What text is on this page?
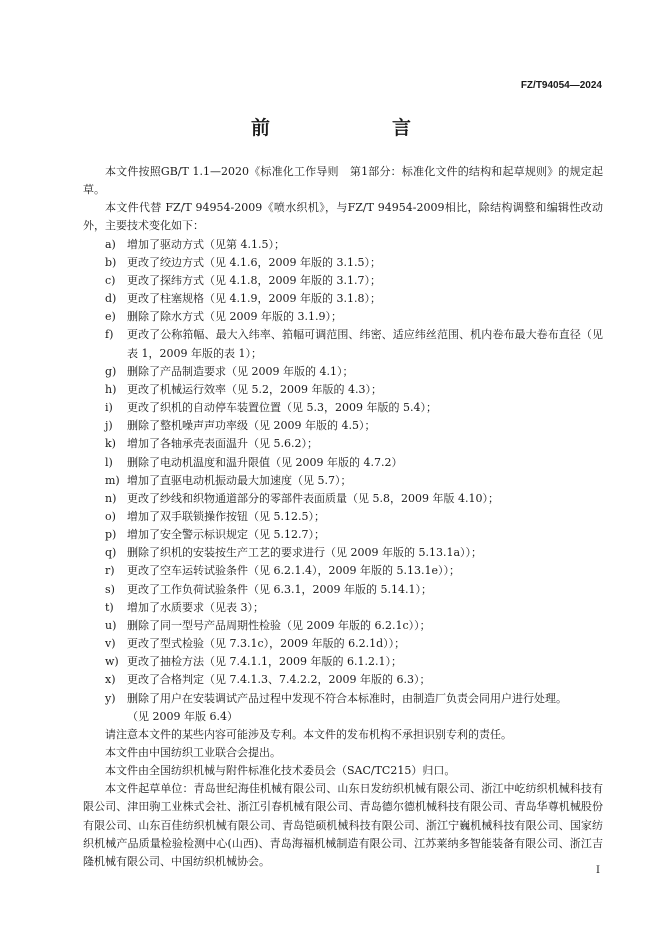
FZ/T94054—2024
前　　言

本文件按照GB/T 1.1—2020《标准化工作导则　第1部分：标准化文件的结构和起草规则》的规定起草。

本文件代替 FZ/T 94954-2009《喷水织机》，与FZ/T 94954-2009相比，除结构调整和编辑性改动外，主要技术变化如下：

a)	增加了驱动方式（见第 4.1.5）；
b) 更改了绞边方式（见 4.1.6，2009 年版的 3.1.5）；
c)	更改了探纬方式（见 4.1.8，2009 年版的 3.1.7）；
d) 更改了柱塞规格（见 4.1.9，2009 年版的 3.1.8）；
e)	删除了除水方式（见 2009 年版的 3.1.9）；
f)	更改了公称筘幅、最大入纬率、筘幅可调范围、纬密、适应纬丝范围、机内卷布最大卷布直径（见表 1，2009 年版的表 1）；
g) 删除了产品制造要求（见 2009 年版的 4.1）；
h) 更改了机械运行效率（见 5.2，2009 年版的 4.3）；
i)	更改了织机的自动停车装置位置（见 5.3，2009 年版的 5.4）；
j)	删除了整机噪声声功率级（见 2009 年版的 4.5）；
k)	增加了各轴承壳表面温升（见 5.6.2）；
l)	删除了电动机温度和温升限值（见 2009 年版的 4.7.2）
m) 增加了直驱电动机振动最大加速度（见 5.7）；
n) 更改了纱线和织物通道部分的零部件表面质量（见 5.8，2009 年版 4.10）；
o)	增加了双手联锁操作按钮（见 5.12.5）；
p) 增加了安全警示标识规定（见 5.12.7）；
q) 删除了织机的安装按生产工艺的要求进行（见 2009 年版的 5.13.1a））；
r)	更改了空车运转试验条件（见 6.2.1.4），2009 年版的 5.13.1e））；
s)	更改了工作负荷试验条件（见 6.3.1，2009 年版的 5.14.1）；
t)	增加了水质要求（见表 3）；
u) 删除了同一型号产品周期性检验（见 2009 年版的 6.2.1c））；
v)	更改了型式检验（见 7.3.1c），2009 年版的 6.2.1d））；
w) 更改了抽检方法（见 7.4.1.1，2009 年版的 6.1.2.1）；
x)	更改了合格判定（见 7.4.1.3、7.4.2.2，2009 年版的 6.3）；
y)	删除了用户在安装调试产品过程中发现不符合本标准时，由制造厂负责会同用户进行处理。
（见 2009 年版 6.4）

请注意本文件的某些内容可能涉及专利。本文件的发布机构不承担识别专利的责任。

本文件由中国纺织工业联合会提出。

本文件由全国纺织机械与附件标准化技术委员会（SAC/TC215）归口。

本文件起草单位：青岛世纪海佳机械有限公司、山东日发纺织机械有限公司、浙江中屹纺织机械科技有限公司、津田驹工业株式会社、浙江引春机械有限公司、青岛德尔德机械科技有限公司、青岛华尊机械股份有限公司、山东百佳纺织机械有限公司、青岛铠硕机械科技有限公司、浙江宁巍机械科技有限公司、国家纺织机械产品质量检验检测中心(山西)、青岛海福机械制造有限公司、江苏莱纳多智能装备有限公司、浙江吉隆机械有限公司、中国纺织机械协会。

I
